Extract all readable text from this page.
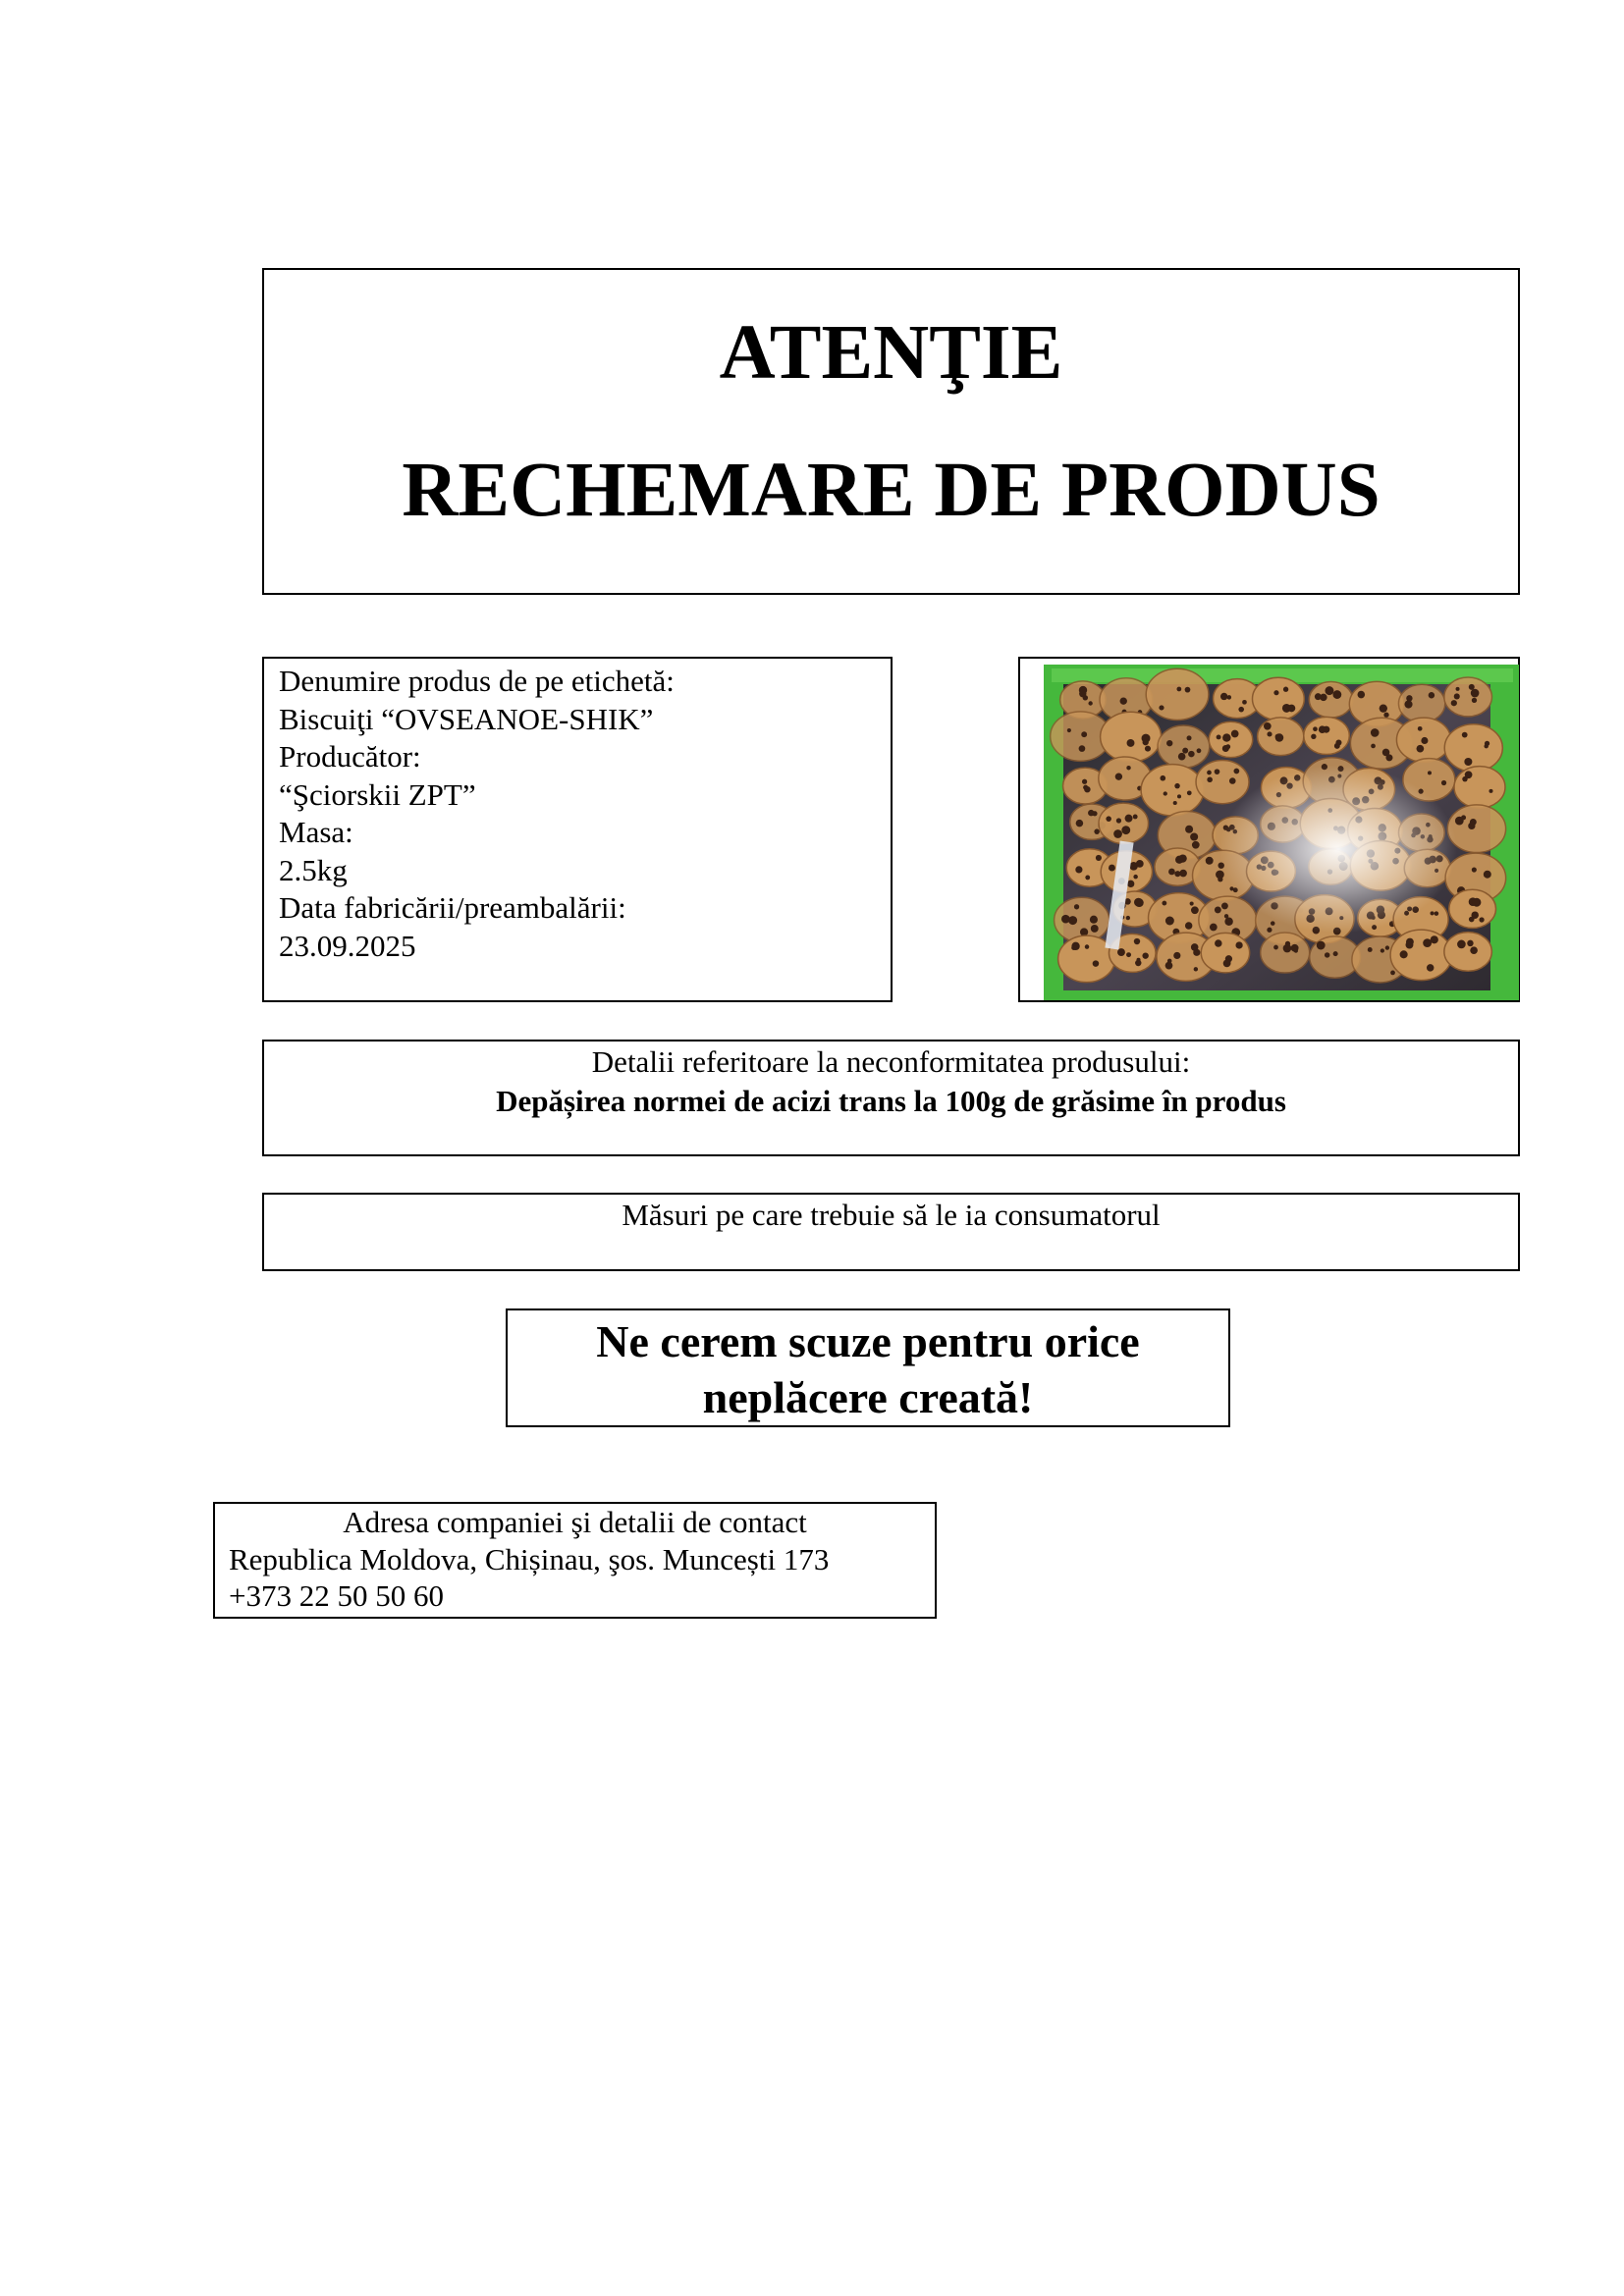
ATENŢIE
RECHEMARE DE PRODUS
Denumire produs de pe etichetă:
Biscuiţi “OVSEANOE-SHIK”
Producător:
“Şciorskii ZPT”
Masa:
2.5kg
Data fabricării/preambalării:
23.09.2025
Detalii referitoare la neconformitatea produsului:
Depășirea normei de acizi trans la 100g de grăsime în produs
Măsuri pe care trebuie să le ia consumatorul
Ne cerem scuze pentru orice
neplăcere creată!
Adresa companiei şi detalii de contact
Republica Moldova, Chișinau, şos. Muncești 173
+373 22 50 50 60
